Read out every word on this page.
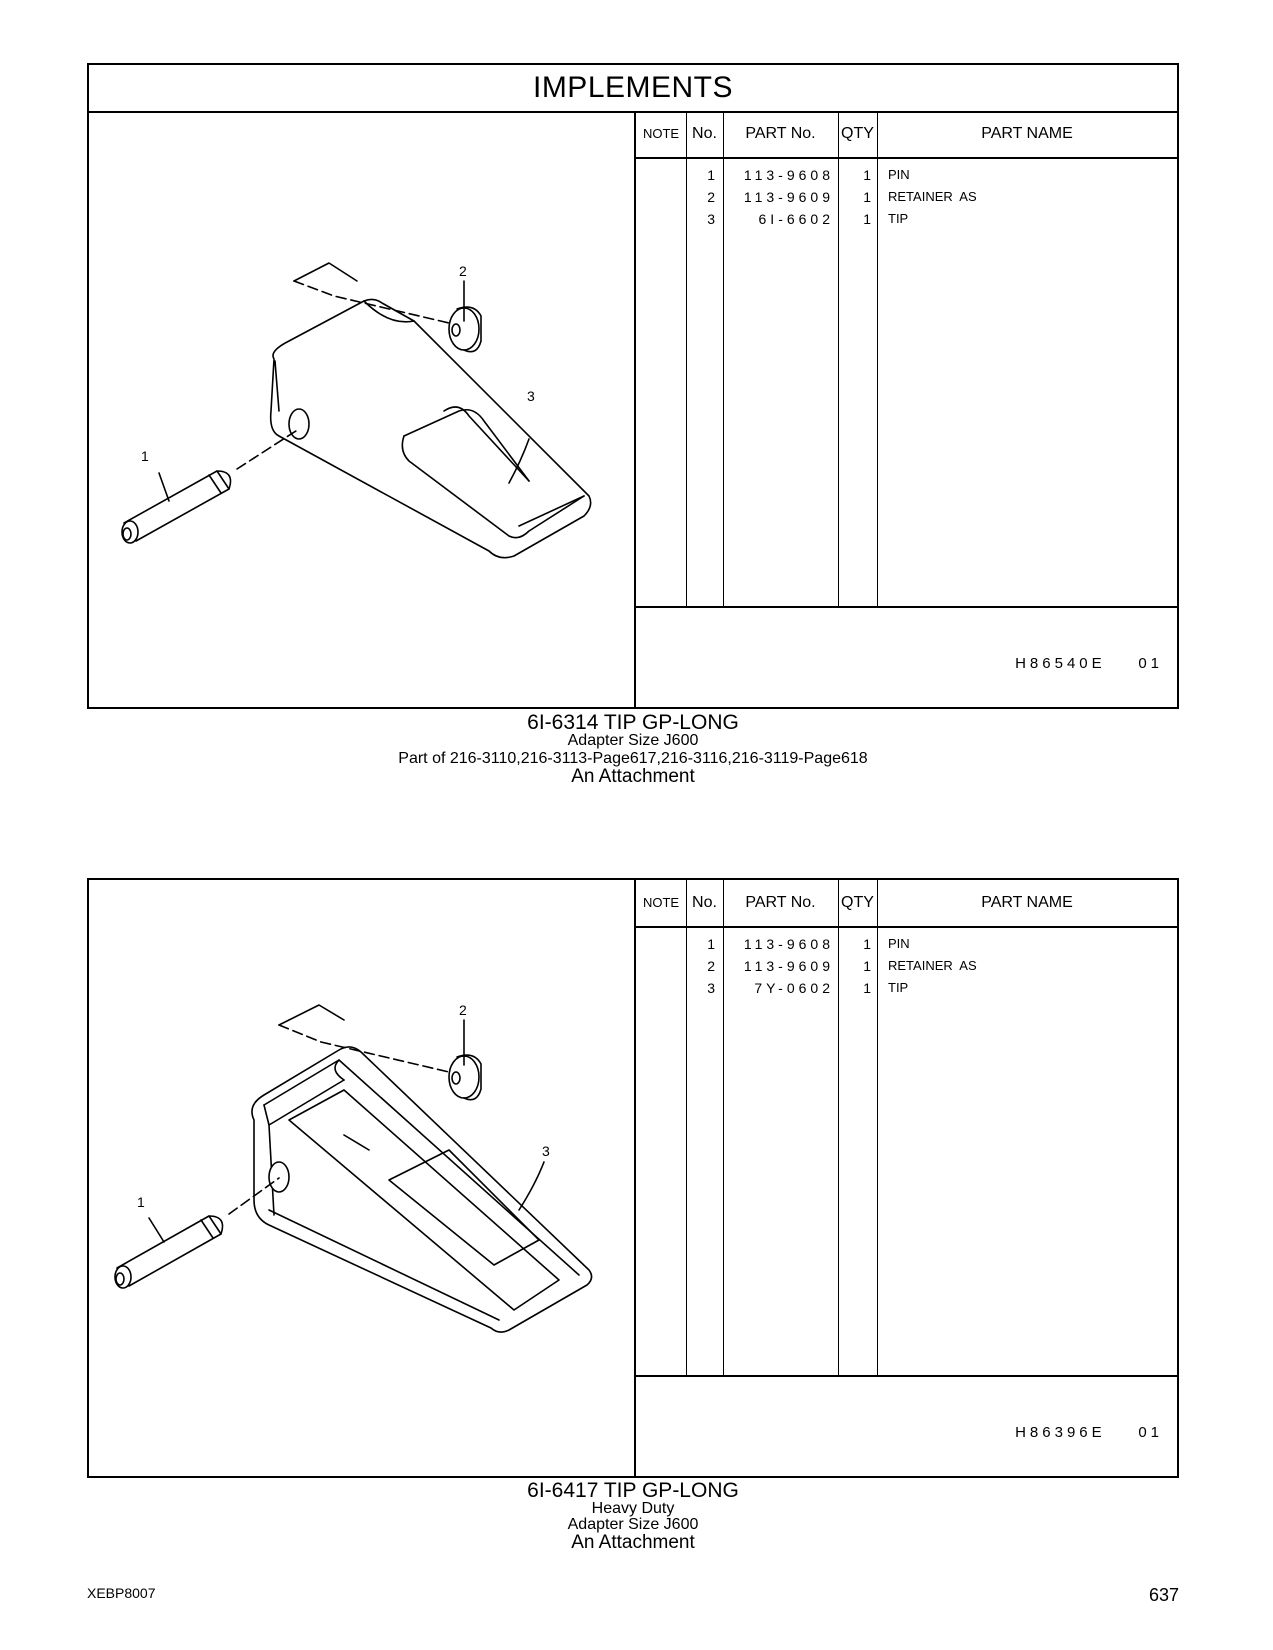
IMPLEMENTS
2
3
1
NOTE No.	PART No.	QTY	PART NAME
1	113-9608	1 PIN
2	113-9609	1 RETAINER  AS
3	6I-6602	1 TIP
H86540E    01
6I-6314 TIP GP-LONG
Adapter Size J600
Part of 216-3110,216-3113-Page617,216-3116,216-3119-Page618
An Attachment
2
3
1
NOTE No.	PART No.	QTY	PART NAME
1	113-9608	1 PIN
2	113-9609	1 RETAINER  AS
3	7Y-0602	1 TIP
H86396E    01
6I-6417 TIP GP-LONG
Heavy Duty
Adapter Size J600
An Attachment
XEBP8007	637
